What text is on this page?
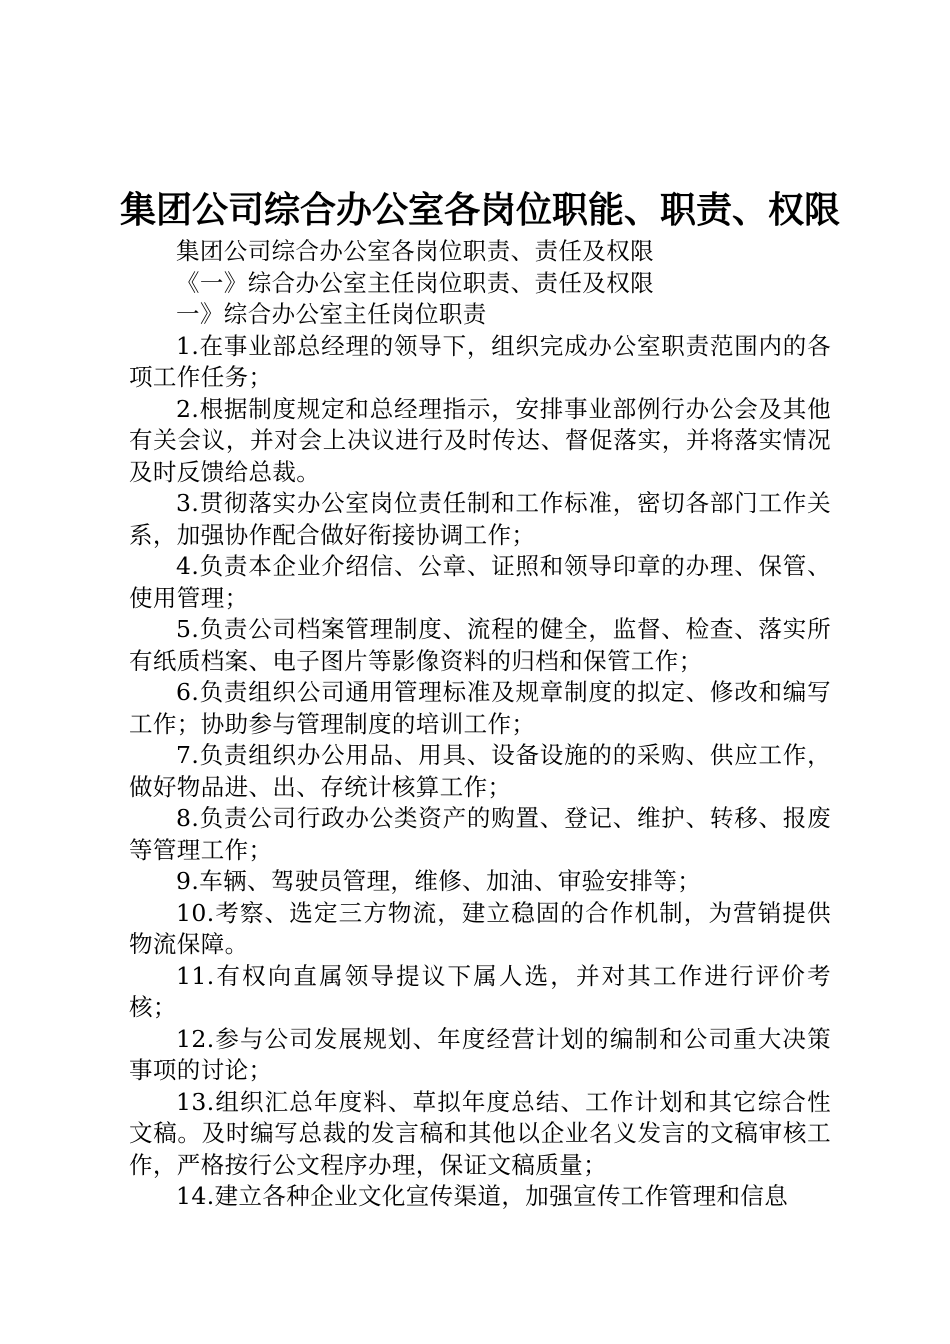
集团公司综合办公室各岗位职能、职责、权限

集团公司综合办公室各岗位职责、责任及权限

《一》综合办公室主任岗位职责、责任及权限

一》综合办公室主任岗位职责

1.在事业部总经理的领导下，组织完成办公室职责范围内的各项工作任务；

2.根据制度规定和总经理指示，安排事业部例行办公会及其他有关会议，并对会上决议进行及时传达、督促落实，并将落实情况及时反馈给总裁。

3.贯彻落实办公室岗位责任制和工作标准，密切各部门工作关系，加强协作配合做好衔接协调工作；

4.负责本企业介绍信、公章、证照和领导印章的办理、保管、使用管理；

5.负责公司档案管理制度、流程的健全，监督、检查、落实所有纸质档案、电子图片等影像资料的归档和保管工作；

6.负责组织公司通用管理标准及规章制度的拟定、修改和编写工作；协助参与管理制度的培训工作；

7.负责组织办公用品、用具、设备设施的的采购、供应工作，做好物品进、出、存统计核算工作；

8.负责公司行政办公类资产的购置、登记、维护、转移、报废等管理工作；

9.车辆、驾驶员管理，维修、加油、审验安排等；

10.考察、选定三方物流，建立稳固的合作机制，为营销提供物流保障。

11.有权向直属领导提议下属人选，并对其工作进行评价考核；

12.参与公司发展规划、年度经营计划的编制和公司重大决策事项的讨论；

13.组织汇总年度料、草拟年度总结、工作计划和其它综合性文稿。及时编写总裁的发言稿和其他以企业名义发言的文稿审核工作，严格按行公文程序办理，保证文稿质量；

14.建立各种企业文化宣传渠道，加强宣传工作管理和信息
